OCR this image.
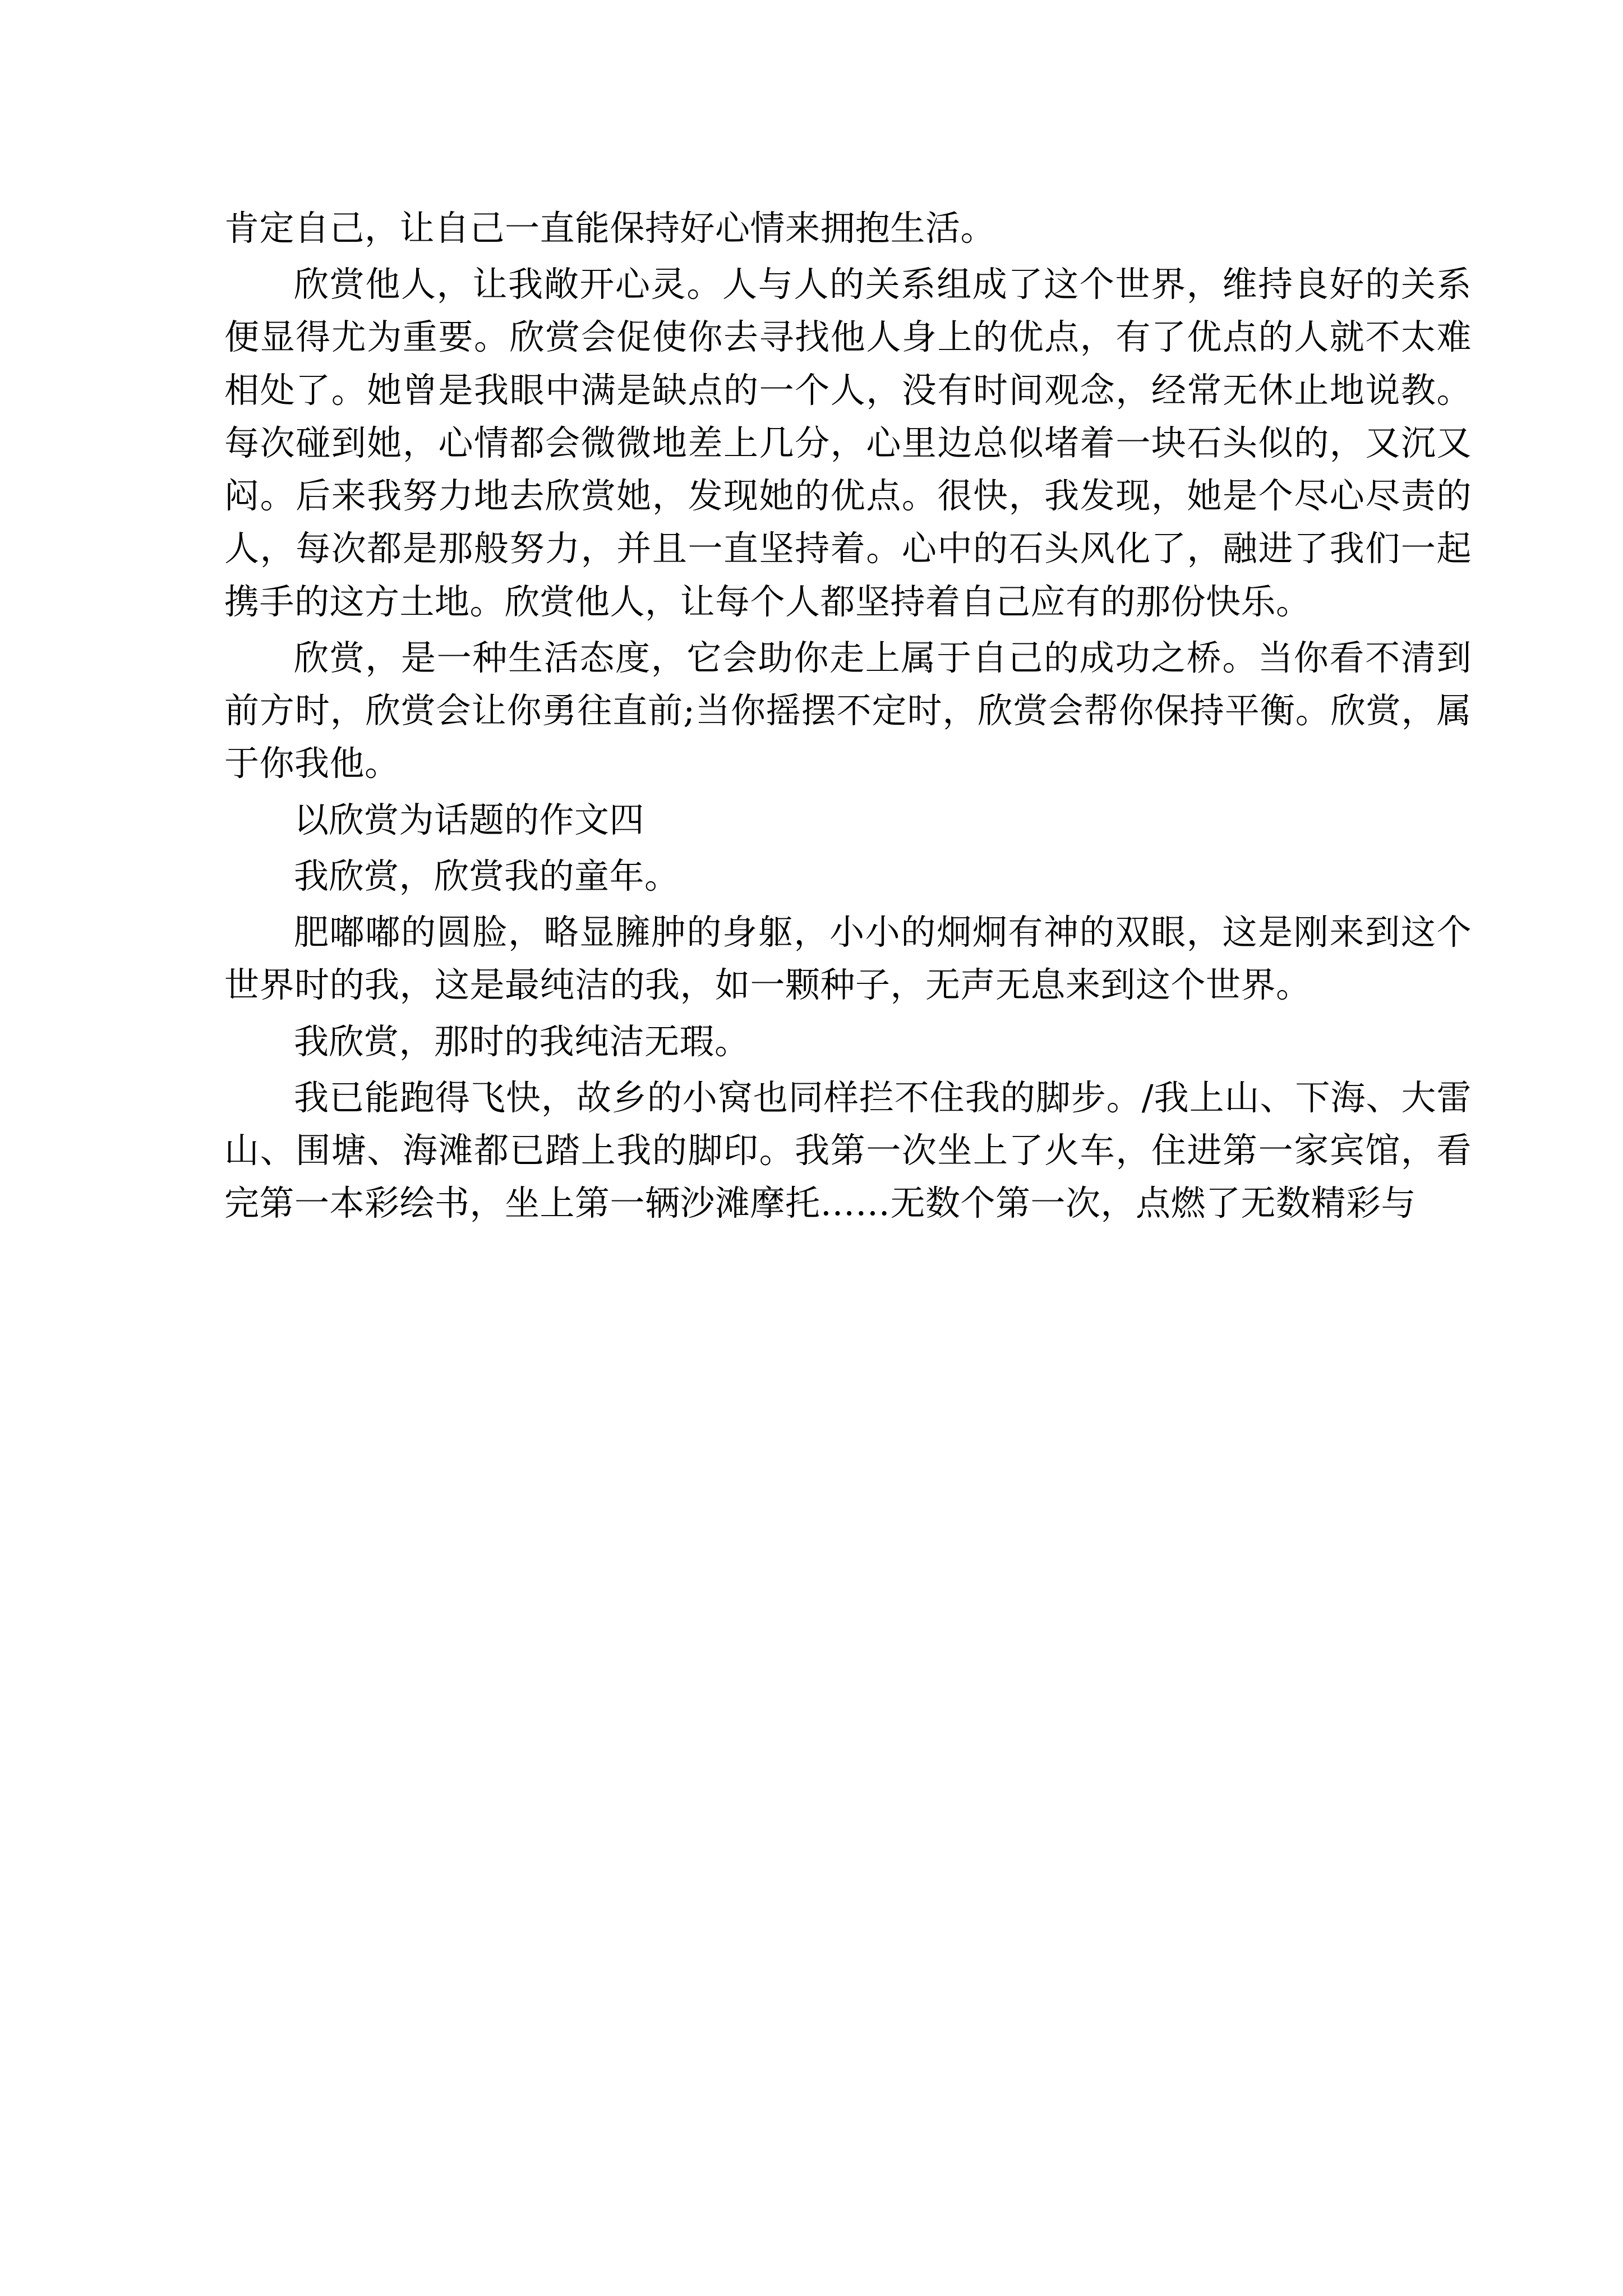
肯定自己，让自己一直能保持好心情来拥抱生活。

欣赏他人，让我敞开心灵。人与人的关系组成了这个世界，维持良好的关系便显得尤为重要。欣赏会促使你去寻找他人身上的优点，有了优点的人就不太难相处了。她曾是我眼中满是缺点的一个人，没有时间观念，经常无休止地说教。每次碰到她，心情都会微微地差上几分，心里边总似堵着一块石头似的，又沉又闷。后来我努力地去欣赏她，发现她的优点。很快，我发现，她是个尽心尽责的人，每次都是那般努力，并且一直坚持着。心中的石头风化了，融进了我们一起携手的这方土地。欣赏他人，让每个人都坚持着自己应有的那份快乐。

欣赏，是一种生活态度，它会助你走上属于自己的成功之桥。当你看不清到前方时，欣赏会让你勇往直前;当你摇摆不定时，欣赏会帮你保持平衡。欣赏，属于你我他。

以欣赏为话题的作文四

我欣赏，欣赏我的童年。

肥嘟嘟的圆脸，略显臃肿的身躯，小小的炯炯有神的双眼，这是刚来到这个世界时的我，这是最纯洁的我，如一颗种子，无声无息来到这个世界。

我欣赏，那时的我纯洁无瑕。

我已能跑得飞快，故乡的小窝也同样拦不住我的脚步。/我上山、下海、大雷山、围塘、海滩都已踏上我的脚印。我第一次坐上了火车，住进第一家宾馆，看完第一本彩绘书，坐上第一辆沙滩摩托……无数个第一次，点燃了无数精彩与
